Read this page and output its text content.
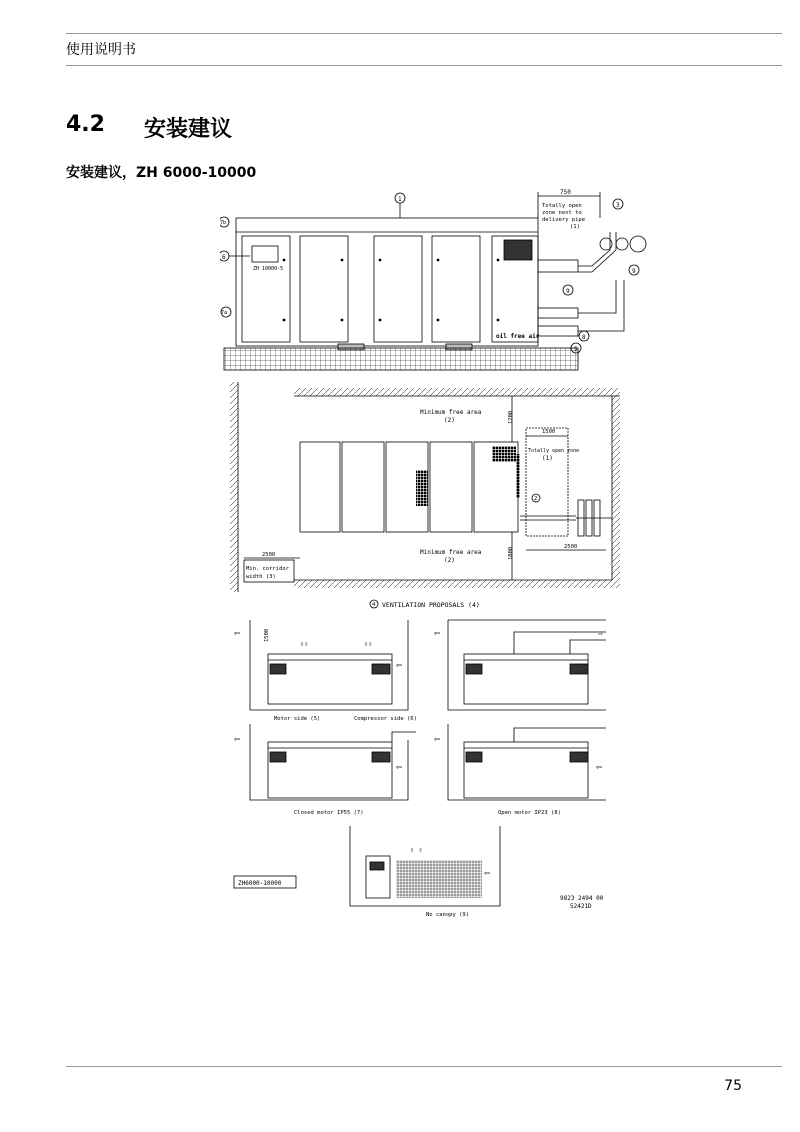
使用说明书
4.2 安装建议
安装建议，ZH 6000-10000
750
Totally open
zone next to
delivery pipe
(1)
1
3
7b
6
7a
9
9
8
5
ZH 10000-5
oil free air
1200
Minimum free area
(2)
1500
Totally open zone
(1)
2
1000	2500
Minimum free area
(2)
2500
Min. corridor
width (3)
4 VENTILATION PROPOSALS (4)
⇦
⇦
⇧⇩	⇧⇩
1500
Motor side (5)	Compressor side (6)
⇦	⇨
⇦
⇦
Closed motor IP55 (7)
⇦
⇦
Open motor IP23 (8)
⇦
⇧ ⇧
No canopy (9)
ZH6000-10000
9823 2494 00
52421D
75
